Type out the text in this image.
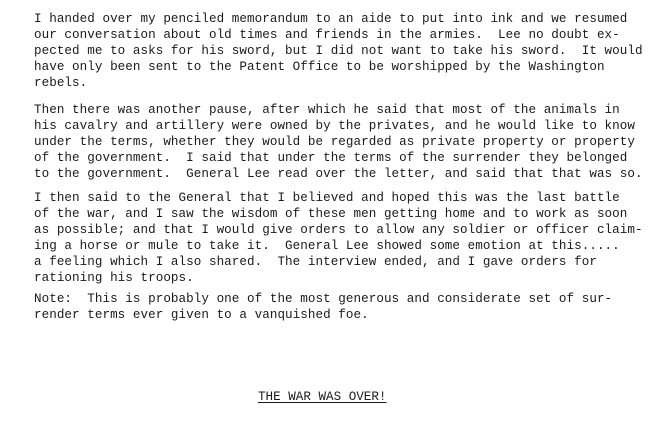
I handed over my penciled memorandum to an aide to put into ink and we resumed
our conversation about old times and friends in the armies.  Lee no doubt ex-
pected me to asks for his sword, but I did not want to take his sword.  It would
have only been sent to the Patent Office to be worshipped by the Washington
rebels.
Then there was another pause, after which he said that most of the animals in
his cavalry and artillery were owned by the privates, and he would like to know
under the terms, whether they would be regarded as private property or property
of the government.  I said that under the terms of the surrender they belonged
to the government.  General Lee read over the letter, and said that that was so.
I then said to the General that I believed and hoped this was the last battle
of the war, and I saw the wisdom of these men getting home and to work as soon
as possible; and that I would give orders to allow any soldier or officer claim-
ing a horse or mule to take it.  General Lee showed some emotion at this.....
a feeling which I also shared.  The interview ended, and I gave orders for
rationing his troops.
Note:  This is probably one of the most generous and considerate set of sur-
render terms ever given to a vanquished foe.
THE WAR WAS OVER!
